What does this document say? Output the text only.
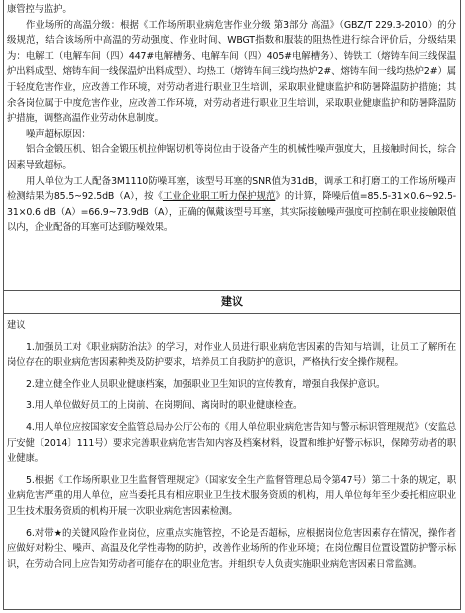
康管控与监护。

作业场所的高温分级：根据《工作场所职业病危害作业分级 第3部分 高温》（GBZ/T 229.3-2010）的分级规范，结合该场所中高温的劳动强度、作业时间、WBGT指数和服装的阻热性进行综合评价后，分级结果为：电解工（电解车间（四）447#电解槽务、电解车间（四）405#电解槽务）、铸铁工（熔铸车间三线保温炉出料成型、熔铸车间一线保温炉出料成型）、均热工（熔铸车间三线均热炉2#、熔铸车间一线均热炉2#）属于轻度危害作业，应改善工作环境，对劳动者进行职业卫生培训，采取职业健康监护和防暑降温防护措施；其余各岗位属于中度危害作业，应改善工作环境，对劳动者进行职业卫生培训，采取职业健康监护和防暑降温防护措施，调整高温作业劳动休息制度。

噪声超标原因：

铝合金锻压机、铝合金锻压机拉伸锯切机等岗位由于设备产生的机械性噪声强度大，且接触时间长，综合因素导致超标。

用人单位为工人配备3M1110防噪耳塞，该型号耳塞的SNR值为31dB，调承工和打磨工的工作场所噪声检测结果为85.5~92.5dB（A），按《工业企业职工听力保护规范》的计算，降噪后值=85.5-31×0.6~92.5-31×0.6 dB（A）=66.9~73.9dB（A），正确的佩戴该型号耳塞，其实际接触噪声强度可控制在职业接触限值以内，企业配备的耳塞可达到防噪效果。

建议

建议

1.加强员工对《职业病防治法》的学习，对作业人员进行职业病危害因素的告知与培训，让员工了解所在岗位存在的职业病危害因素种类及防护要求，培养员工自我防护的意识，严格执行安全操作规程。

2.建立健全作业人员职业健康档案，加强职业卫生知识的宣传教育，增强自我保护意识。

3.用人单位做好员工的上岗前、在岗期间、离岗时的职业健康检查。

4.用人单位应按国家安全监管总局办公厅公布的《用人单位职业病危害告知与警示标识管理规范》（安监总厅安健〔2014〕111号）要求完善职业病危害告知内容及档案材料，设置和维护好警示标识，保障劳动者的职业健康。

5.根据《工作场所职业卫生监督管理规定》（国家安全生产监督管理总局令第47号）第二十条的规定，职业病危害严重的用人单位，应当委托具有相应职业卫生技术服务资质的机构，用人单位每年至少委托相应职业卫生技术服务资质的机构开展一次职业病危害因素检测。

6.对带★的关键风险作业岗位，应重点实施管控，不论是否超标，应根据岗位危害因素存在情况，操作者应做好对粉尘、噪声、高温及化学性毒物的防护，改善作业场所的作业环境；在岗位醒目位置设置防护警示标识，在劳动合同上应告知劳动者可能存在的职业危害。并组织专人负责实施职业病危害因素日常监测。
